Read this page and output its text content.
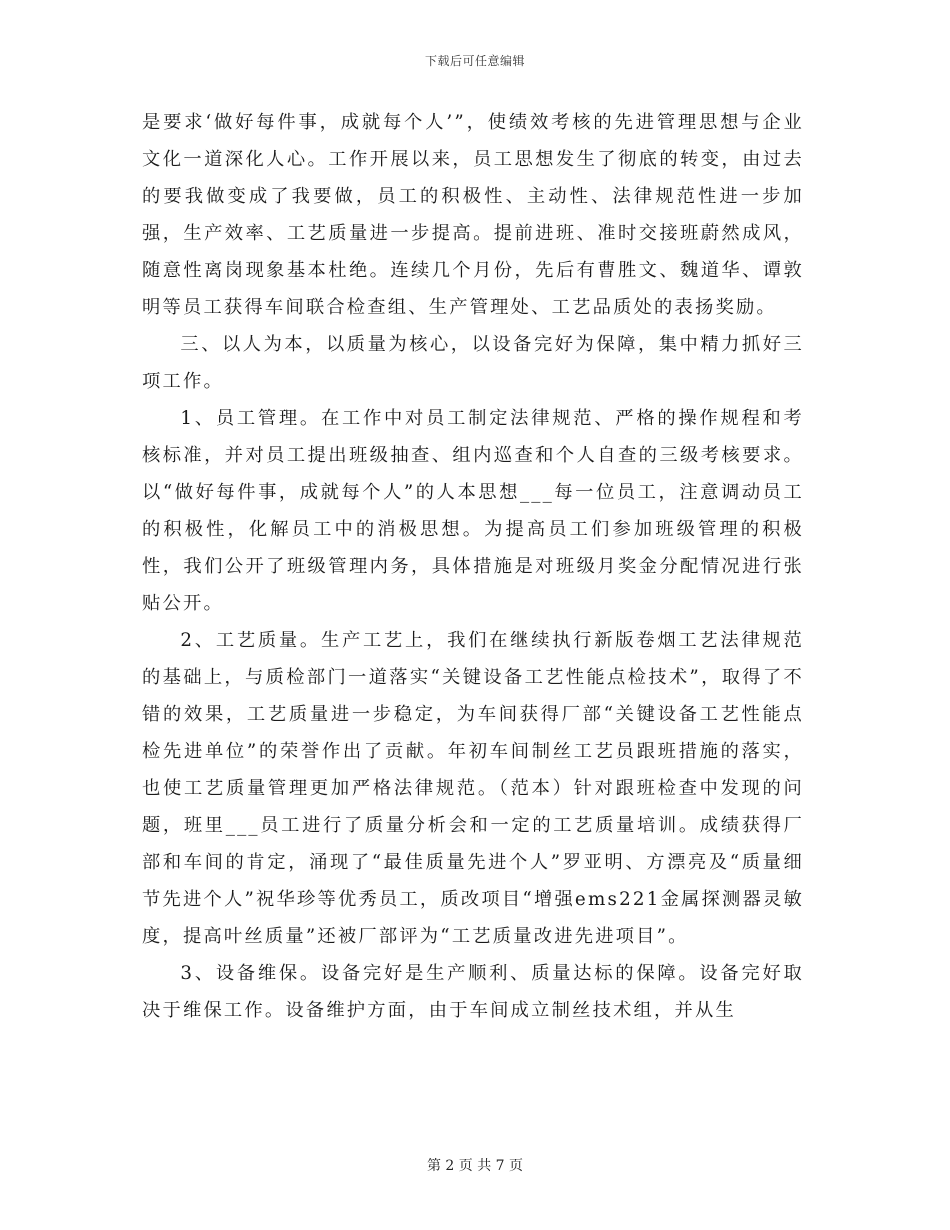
下载后可任意编辑

是要求‘做好每件事，成就每个人’”，使绩效考核的先进管理思想与企业文化一道深化人心。工作开展以来，员工思想发生了彻底的转变，由过去的要我做变成了我要做，员工的积极性、主动性、法律规范性进一步加强，生产效率、工艺质量进一步提高。提前进班、准时交接班蔚然成风，随意性离岗现象基本杜绝。连续几个月份，先后有曹胜文、魏道华、谭敦明等员工获得车间联合检查组、生产管理处、工艺品质处的表扬奖励。

三、以人为本，以质量为核心，以设备完好为保障，集中精力抓好三项工作。

1、员工管理。在工作中对员工制定法律规范、严格的操作规程和考核标准，并对员工提出班级抽查、组内巡查和个人自查的三级考核要求。以“做好每件事，成就每个人”的人本思想___每一位员工，注意调动员工的积极性，化解员工中的消极思想。为提高员工们参加班级管理的积极性，我们公开了班级管理内务，具体措施是对班级月奖金分配情况进行张贴公开。

2、工艺质量。生产工艺上，我们在继续执行新版卷烟工艺法律规范的基础上，与质检部门一道落实“关键设备工艺性能点检技术”，取得了不错的效果，工艺质量进一步稳定，为车间获得厂部“关键设备工艺性能点检先进单位”的荣誉作出了贡献。年初车间制丝工艺员跟班措施的落实，也使工艺质量管理更加严格法律规范。（范本）针对跟班检查中发现的问题，班里___员工进行了质量分析会和一定的工艺质量培训。成绩获得厂部和车间的肯定，涌现了“最佳质量先进个人”罗亚明、方漂亮及“质量细节先进个人”祝华珍等优秀员工，质改项目“增强ems221金属探测器灵敏度，提高叶丝质量”还被厂部评为“工艺质量改进先进项目”。

3、设备维保。设备完好是生产顺利、质量达标的保障。设备完好取决于维保工作。设备维护方面，由于车间成立制丝技术组，并从生

第 2 页 共 7 页
